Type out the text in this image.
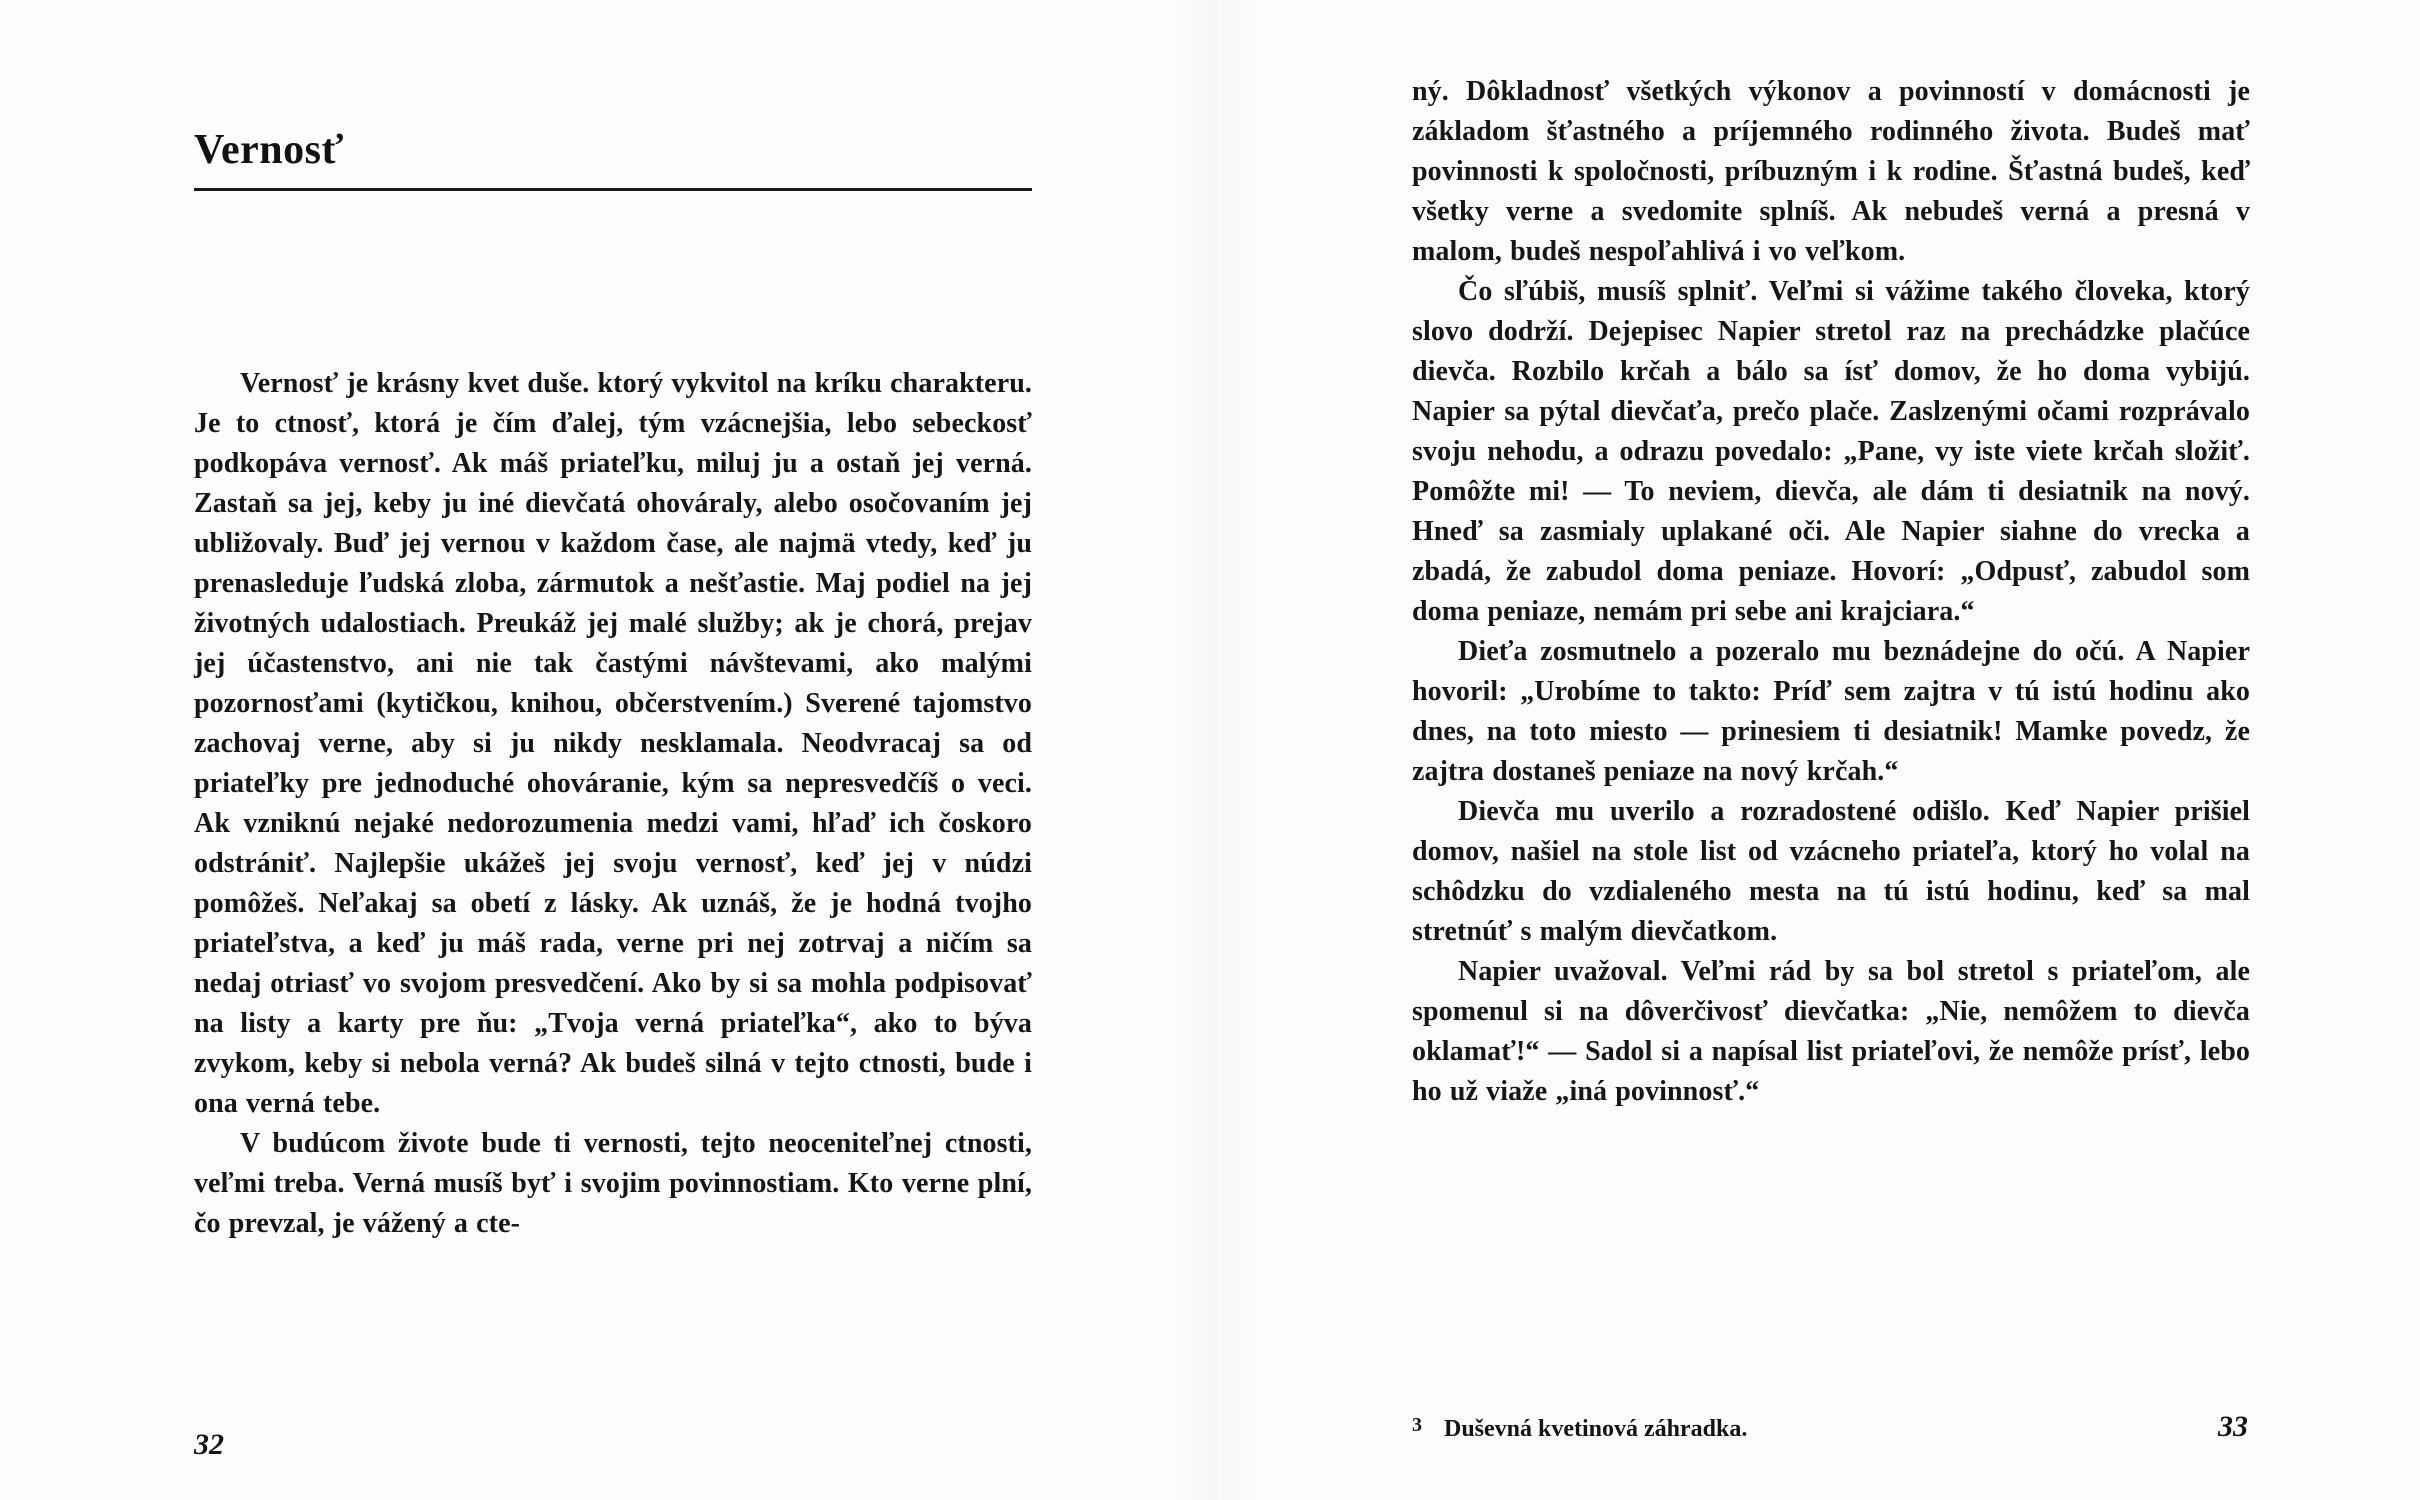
Vernosť

Vernosť je krásny kvet duše. ktorý vykvitol na kríku charakteru. Je to ctnosť, ktorá je čím ďalej, tým vzácnejšia, lebo sebeckosť podkopáva vernosť. Ak máš priateľku, miluj ju a ostaň jej verná. Zastaň sa jej, keby ju iné dievčatá ohováraly, alebo osočovaním jej ubližovaly. Buď jej vernou v každom čase, ale najmä vtedy, keď ju prenasleduje ľudská zloba, zármutok a nešťastie. Maj podiel na jej životných udalostiach. Preukáž jej malé služby; ak je chorá, prejav jej účastenstvo, ani nie tak častými návštevami, ako malými pozornosťami (kytičkou, knihou, občerstvením.) Sverené tajomstvo zachovaj verne, aby si ju nikdy nesklamala. Neodvracaj sa od priateľky pre jednoduché ohováranie, kým sa nepresvedčíš o veci. Ak vzniknú nejaké nedorozumenia medzi vami, hľaď ich čoskoro odstrániť. Najlepšie ukážeš jej svoju vernosť, keď jej v núdzi pomôžeš. Neľakaj sa obetí z lásky. Ak uznáš, že je hodná tvojho priateľstva, a keď ju máš rada, verne pri nej zotrvaj a ničím sa nedaj otriasť vo svojom presvedčení. Ako by si sa mohla podpisovať na listy a karty pre ňu: „Tvoja verná priateľka“, ako to býva zvykom, keby si nebola verná? Ak budeš silná v tejto ctnosti, bude i ona verná tebe.

V budúcom živote bude ti vernosti, tejto neoceniteľnej ctnosti, veľmi treba. Verná musíš byť i svojim povinnostiam. Kto verne plní, čo prevzal, je vážený a cte-

32

ný. Dôkladnosť všetkých výkonov a povinností v domácnosti je základom šťastného a príjemného rodinného života. Budeš mať povinnosti k spoločnosti, príbuzným i k rodine. Šťastná budeš, keď všetky verne a svedomite splníš. Ak nebudeš verná a presná v malom, budeš nespoľahlivá i vo veľkom.

Čo sľúbiš, musíš splniť. Veľmi si vážime takého človeka, ktorý slovo dodrží. Dejepisec Napier stretol raz na prechádzke plačúce dievča. Rozbilo krčah a bálo sa ísť domov, že ho doma vybijú. Napier sa pýtal dievčaťa, prečo plače. Zaslzenými očami rozprávalo svoju nehodu, a odrazu povedalo: „Pane, vy iste viete krčah složiť. Pomôžte mi! — To neviem, dievča, ale dám ti desiatnik na nový. Hneď sa zasmialy uplakané oči. Ale Napier siahne do vrecka a zbadá, že zabudol doma peniaze. Hovorí: „Odpusť, zabudol som doma peniaze, nemám pri sebe ani krajciara.“

Dieťa zosmutnelo a pozeralo mu beznádejne do očú. A Napier hovoril: „Urobíme to takto: Príď sem zajtra v tú istú hodinu ako dnes, na toto miesto — prinesiem ti desiatnik! Mamke povedz, že zajtra dostaneš peniaze na nový krčah.“

Dievča mu uverilo a rozradostené odišlo. Keď Napier prišiel domov, našiel na stole list od vzácneho priateľa, ktorý ho volal na schôdzku do vzdialeného mesta na tú istú hodinu, keď sa mal stretnúť s malým dievčatkom.

Napier uvažoval. Veľmi rád by sa bol stretol s priateľom, ale spomenul si na dôverčivosť dievčatka: „Nie, nemôžem to dievča oklamať!“ — Sadol si a napísal list priateľovi, že nemôže prísť, lebo ho už viaže „iná povinnosť.“

$^3$ Duševná kvetinová záhradka.	33
